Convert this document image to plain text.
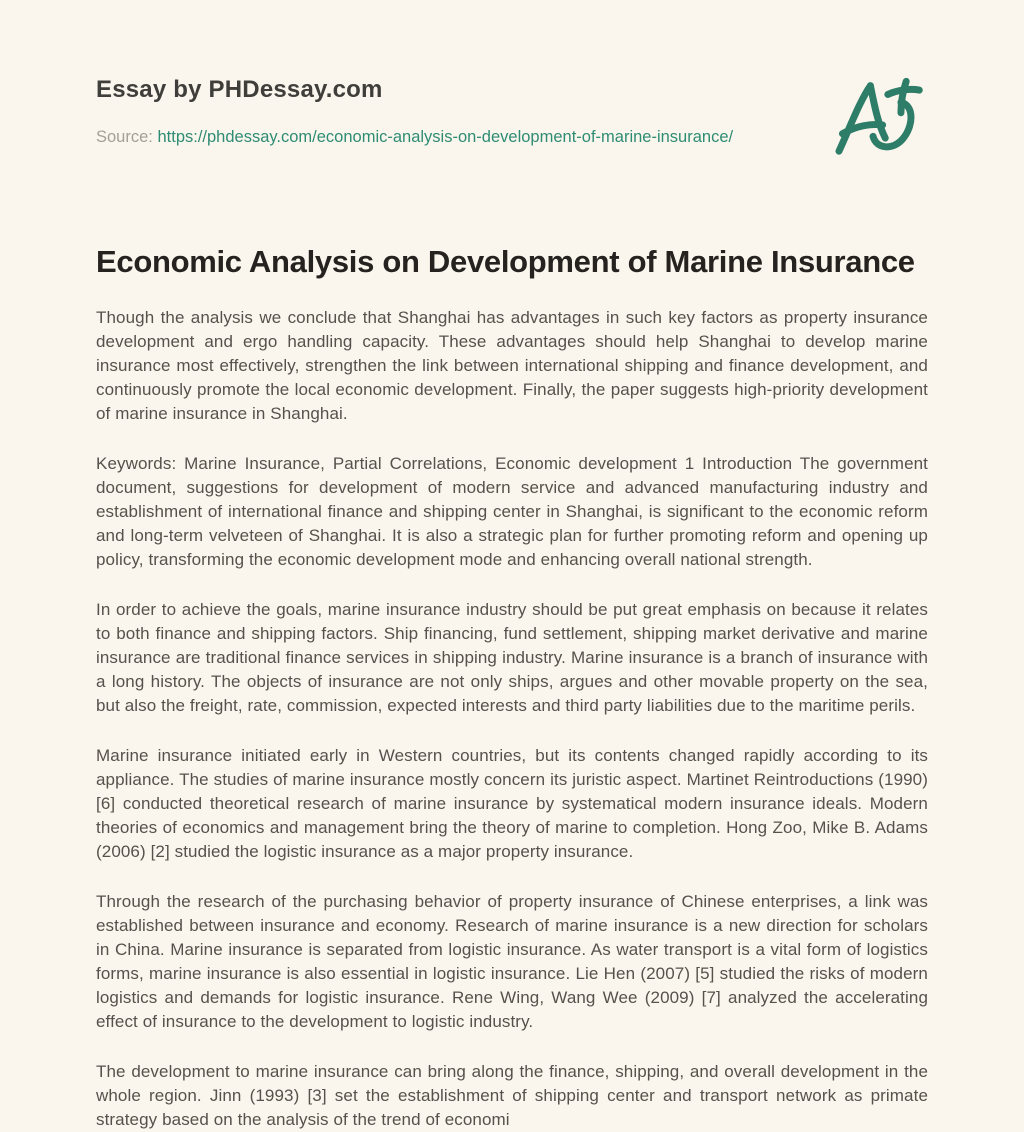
Essay by PHDessay.com

Source: https://phdessay.com/economic-analysis-on-development-of-marine-insurance/

Economic Analysis on Development of Marine Insurance

Though the analysis we conclude that Shanghai has advantages in such key factors as property insurance development and ergo handling capacity. These advantages should help Shanghai to develop marine insurance most effectively, strengthen the link between international shipping and finance development, and continuously promote the local economic development. Finally, the paper suggests high-priority development of marine insurance in Shanghai.

Keywords: Marine Insurance, Partial Correlations, Economic development 1 Introduction The government document, suggestions for development of modern service and advanced manufacturing industry and establishment of international finance and shipping center in Shanghai, is significant to the economic reform and long-term velveteen of Shanghai. It is also a strategic plan for further promoting reform and opening up policy, transforming the economic development mode and enhancing overall national strength.

In order to achieve the goals, marine insurance industry should be put great emphasis on because it relates to both finance and shipping factors. Ship financing, fund settlement, shipping market derivative and marine insurance are traditional finance services in shipping industry. Marine insurance is a branch of insurance with a long history. The objects of insurance are not only ships, argues and other movable property on the sea, but also the freight, rate, commission, expected interests and third party liabilities due to the maritime perils.

Marine insurance initiated early in Western countries, but its contents changed rapidly according to its appliance. The studies of marine insurance mostly concern its juristic aspect. Martinet Reintroductions (1990) [6] conducted theoretical research of marine insurance by systematical modern insurance ideals. Modern theories of economics and management bring the theory of marine to completion. Hong Zoo, Mike B. Adams (2006) [2] studied the logistic insurance as a major property insurance.

Through the research of the purchasing behavior of property insurance of Chinese enterprises, a link was established between insurance and economy. Research of marine insurance is a new direction for scholars in China. Marine insurance is separated from logistic insurance. As water transport is a vital form of logistics forms, marine insurance is also essential in logistic insurance. Lie Hen (2007) [5] studied the risks of modern logistics and demands for logistic insurance. Rene Wing, Wang Wee (2009) [7] analyzed the accelerating effect of insurance to the development to logistic industry.

The development to marine insurance can bring along the finance, shipping, and overall development in the whole region. Jinn (1993) [3] set the establishment of shipping center and transport network as primate strategy based on the analysis of the trend of economi
